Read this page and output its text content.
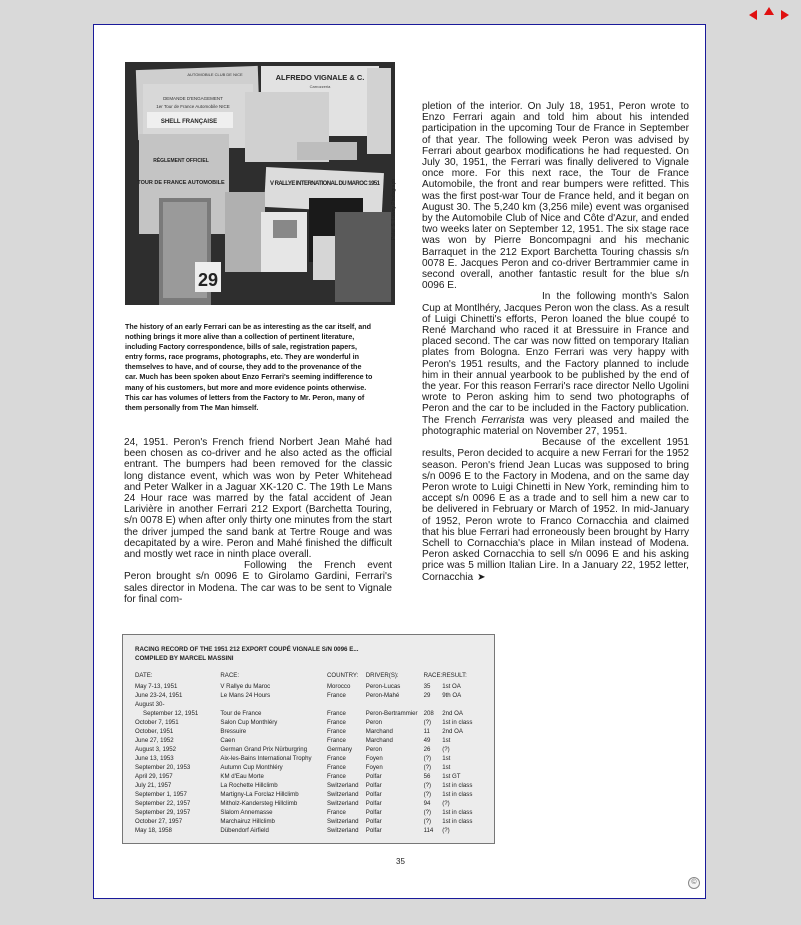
ALFREDO VIGNALE & C.
Carrozzeria
DEMANDE D'ENGAGEMENT
1er Tour de France Automobile NICE
SHELL FRANÇAISE
RÈGLEMENT OFFICIEL
TOUR DE FRANCE AUTOMOBILE
29
V RALLYE INTERNATIONAL DU MAROC 1951
AUTOMOBILE CLUB DE NICE
Peter S. Lowey Photograph

The history of an early Ferrari can be as interesting as the car itself, and nothing brings it more alive than a collection of pertinent literature, including Factory correspondence, bills of sale, registration papers, entry forms, race programs, photographs, etc. They are wonderful in themselves to have, and of course, they add to the provenance of the car. Much has been spoken about Enzo Ferrari's seeming indifference to many of his customers, but more and more evidence points otherwise. This car has volumes of letters from the Factory to Mr. Peron, many of them personally from The Man himself.

24, 1951. Peron's French friend Norbert Jean Mahé had been chosen as co-driver and he also acted as the official entrant. The bumpers had been removed for the classic long distance event, which was won by Peter Whitehead and Peter Walker in a Jaguar XK-120 C. The 19th Le Mans 24 Hour race was marred by the fatal accident of Jean Larivière in another Ferrari 212 Export (Barchetta Touring, s/n 0078 E) when after only thirty one minutes from the start the driver jumped the sand bank at Tertre Rouge and was decapitated by a wire. Peron and Mahé finished the difficult and mostly wet race in ninth place overall.

Following the French event Peron brought s/n 0096 E to Girolamo Gardini, Ferrari's sales director in Modena. The car was to be sent to Vignale for final com-

pletion of the interior. On July 18, 1951, Peron wrote to Enzo Ferrari again and told him about his intended participation in the upcoming Tour de France in September of that year. The following week Peron was advised by Ferrari about gearbox modifications he had requested. On July 30, 1951, the Ferrari was finally delivered to Vignale once more. For this next race, the Tour de France Automobile, the front and rear bumpers were refitted. This was the first post-war Tour de France held, and it began on August 30. The 5,240 km (3,256 mile) event was organised by the Automobile Club of Nice and Côte d'Azur, and ended two weeks later on September 12, 1951. The six stage race was won by Pierre Boncompagni and his mechanic Barraquet in the 212 Export Barchetta Touring chassis s/n 0078 E. Jacques Peron and co-driver Bertrammier came in second overall, another fantastic result for the blue s/n 0096 E.

In the following month's Salon Cup at Montlhéry, Jacques Peron won the class. As a result of Luigi Chinetti's efforts, Peron loaned the blue coupé to René Marchand who raced it at Bressuire in France and placed second. The car was now fitted on temporary Italian plates from Bologna. Enzo Ferrari was very happy with Peron's 1951 results, and the Factory planned to include him in their annual yearbook to be published by the end of the year. For this reason Ferrari's race director Nello Ugolini wrote to Peron asking him to send two photographs of Peron and the car to be included in the Factory publication. The French Ferrarista was very pleased and mailed the photographic material on November 27, 1951.

Because of the excellent 1951 results, Peron decided to acquire a new Ferrari for the 1952 season. Peron's friend Jean Lucas was supposed to bring s/n 0096 E to the Factory in Modena, and on the same day Peron wrote to Luigi Chinetti in New York, reminding him to accept s/n 0096 E as a trade and to sell him a new car to be delivered in February or March of 1952. In mid-January of 1952, Peron wrote to Franco Cornacchia and claimed that his blue Ferrari had erroneously been brought by Harry Schell to Cornacchia's place in Milan instead of Modena. Peron asked Cornacchia to sell s/n 0096 E and his asking price was 5 million Italian Lire. In a January 22, 1952 letter, Cornacchia ➤

RACING RECORD OF THE 1951 212 EXPORT COUPÉ VIGNALE S/N 0096 E...
COMPILED BY MARCEL MASSINI
DATE:	RACE:	COUNTRY:	DRIVER(S):	RACE:	RESULT:
May 7-13, 1951	V Rallye du Maroc	Morocco	Peron-Lucas	35	1st OA
June 23-24, 1951	Le Mans 24 Hours	France	Peron-Mahé	29	9th OA
August 30-					
September 12, 1951	Tour de France	France	Peron-Bertrammier	208	2nd OA
October 7, 1951	Salon Cup Monthléry	France	Peron	(?)	1st in class
October, 1951	Bressuire	France	Marchand	11	2nd OA
June 27, 1952	Caen	France	Marchand	49	1st
August 3, 1952	German Grand Prix Nürburgring	Germany	Peron	26	(?)
June 13, 1953	Aix-les-Bains International Trophy	France	Foyen	(?)	1st
September 20, 1953	Autumn Cup Monthléry	France	Foyen	(?)	1st
April 29, 1957	KM d'Eau Morte	France	Polfar	56	1st GT
July 21, 1957	La Rochette Hillclimb	Switzerland	Polfar	(?)	1st in class
September 1, 1957	Martigny-La Forclaz Hillclimb	Switzerland	Polfar	(?)	1st in class
September 22, 1957	Mitholz-Kandersteg Hillclimb	Switzerland	Polfar	94	(?)
September 29, 1957	Slalom Annemasse	France	Polfar	(?)	1st in class
October 27, 1957	Marchairuz Hillclimb	Switzerland	Polfar	(?)	1st in class
May 18, 1958	Dübendorf Airfield	Switzerland	Polfar	114	(?)
35
©
